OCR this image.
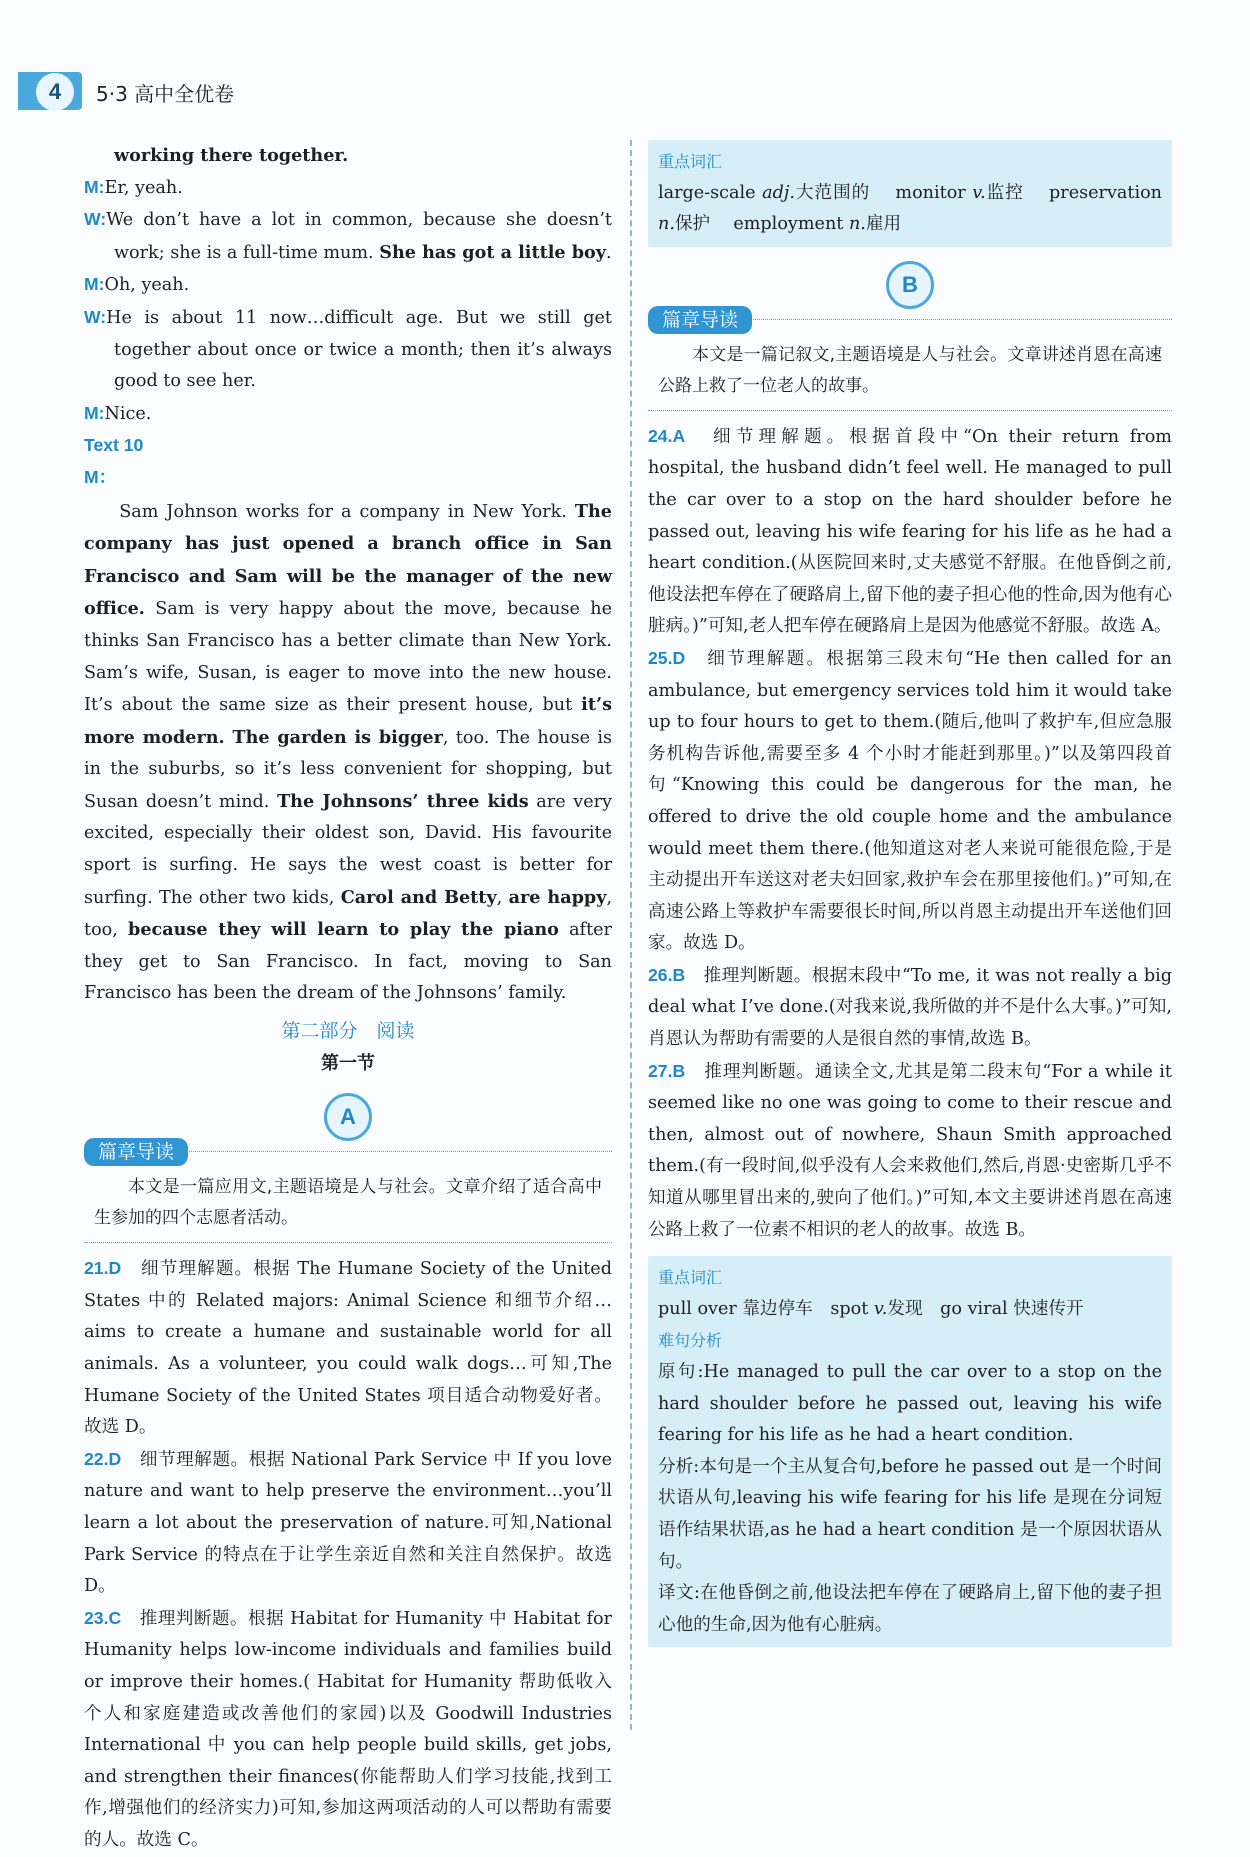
4	5·3 高中全优卷

working there together.

M:Er, yeah.

W:We don’t have a lot in common, because she doesn’t work; she is a full-time mum. She has got a little boy.

M:Oh, yeah.

W:He is about 11 now…difficult age. But we still get together about once or twice a month; then it’s always good to see her.

M:Nice.

Text 10

M：

Sam Johnson works for a company in New York. The company has just opened a branch office in San Francisco and Sam will be the manager of the new office. Sam is very happy about the move, because he thinks San Francisco has a better climate than New York. Sam’s wife, Susan, is eager to move into the new house. It’s about the same size as their present house, but it’s more modern. The garden is bigger, too. The house is in the suburbs, so it’s less convenient for shopping, but Susan doesn’t mind. The Johnsons’ three kids are very excited, especially their oldest son, David. His favourite sport is surfing. He says the west coast is better for surfing. The other two kids, Carol and Betty, are happy, too, because they will learn to play the piano after they get to San Francisco. In fact, moving to San Francisco has been the dream of the Johnsons’ family.

第二部分　阅读

第一节

A
篇章导读

本文是一篇应用文,主题语境是人与社会。文章介绍了适合高中生参加的四个志愿者活动。

21.D　 细节理解题。根据 The Humane Society of the United States 中的 Related majors: Animal Science 和细节介绍…aims to create a humane and sustainable world for all animals. As a volunteer, you could walk dogs…可知,The Humane Society of the United States 项目适合动物爱好者。故选 D。

22.D　 细节理解题。根据 National Park Service 中 If you love nature and want to help preserve the environment…you’ll learn a lot about the preservation of nature.可知,National Park Service 的特点在于让学生亲近自然和关注自然保护。故选 D。

23.C　 推理判断题。根据 Habitat for Humanity 中 Habitat for Humanity helps low-income individuals and families build or improve their homes.( Habitat for Humanity 帮助低收入个人和家庭建造或改善他们的家园)以及 Goodwill Industries International 中 you can help people build skills, get jobs, and strengthen their finances(你能帮助人们学习技能,找到工作,增强他们的经济实力)可知,参加这两项活动的人可以帮助有需要的人。故选 C。

重点词汇

large-scale adj.大范围的　 monitor v.监控　 preservation n.保护　 employment n.雇用

B
篇章导读

本文是一篇记叙文,主题语境是人与社会。文章讲述肖恩在高速公路上救了一位老人的故事。

24.A　 细节理解题。根据首段中“On their return from hospital, the husband didn’t feel well. He managed to pull the car over to a stop on the hard shoulder before he passed out, leaving his wife fearing for his life as he had a heart condition.(从医院回来时,丈夫感觉不舒服。在他昏倒之前,他设法把车停在了硬路肩上,留下他的妻子担心他的性命,因为他有心脏病。)”可知,老人把车停在硬路肩上是因为他感觉不舒服。故选 A。

25.D　 细节理解题。根据第三段末句“He then called for an ambulance, but emergency services told him it would take up to four hours to get to them.(随后,他叫了救护车,但应急服务机构告诉他,需要至多 4 个小时才能赶到那里。)”以及第四段首句“Knowing this could be dangerous for the man, he offered to drive the old couple home and the ambulance would meet them there.(他知道这对老人来说可能很危险,于是主动提出开车送这对老夫妇回家,救护车会在那里接他们。)”可知,在高速公路上等救护车需要很长时间,所以肖恩主动提出开车送他们回家。故选 D。

26.B　 推理判断题。根据末段中“To me, it was not really a big deal what I’ve done.(对我来说,我所做的并不是什么大事。)”可知,肖恩认为帮助有需要的人是很自然的事情,故选 B。

27.B　 推理判断题。通读全文,尤其是第二段末句“For a while it seemed like no one was going to come to their rescue and then, almost out of nowhere, Shaun Smith approached them.(有一段时间,似乎没有人会来救他们,然后,肖恩·史密斯几乎不知道从哪里冒出来的,驶向了他们。)”可知,本文主要讲述肖恩在高速公路上救了一位素不相识的老人的故事。故选 B。

重点词汇

pull over 靠边停车　spot v.发现　go viral 快速传开

难句分析

原句:He managed to pull the car over to a stop on the hard shoulder before he passed out, leaving his wife fearing for his life as he had a heart condition.

分析:本句是一个主从复合句,before he passed out 是一个时间状语从句,leaving his wife fearing for his life 是现在分词短语作结果状语,as he had a heart condition 是一个原因状语从句。

译文:在他昏倒之前,他设法把车停在了硬路肩上,留下他的妻子担心他的生命,因为他有心脏病。
